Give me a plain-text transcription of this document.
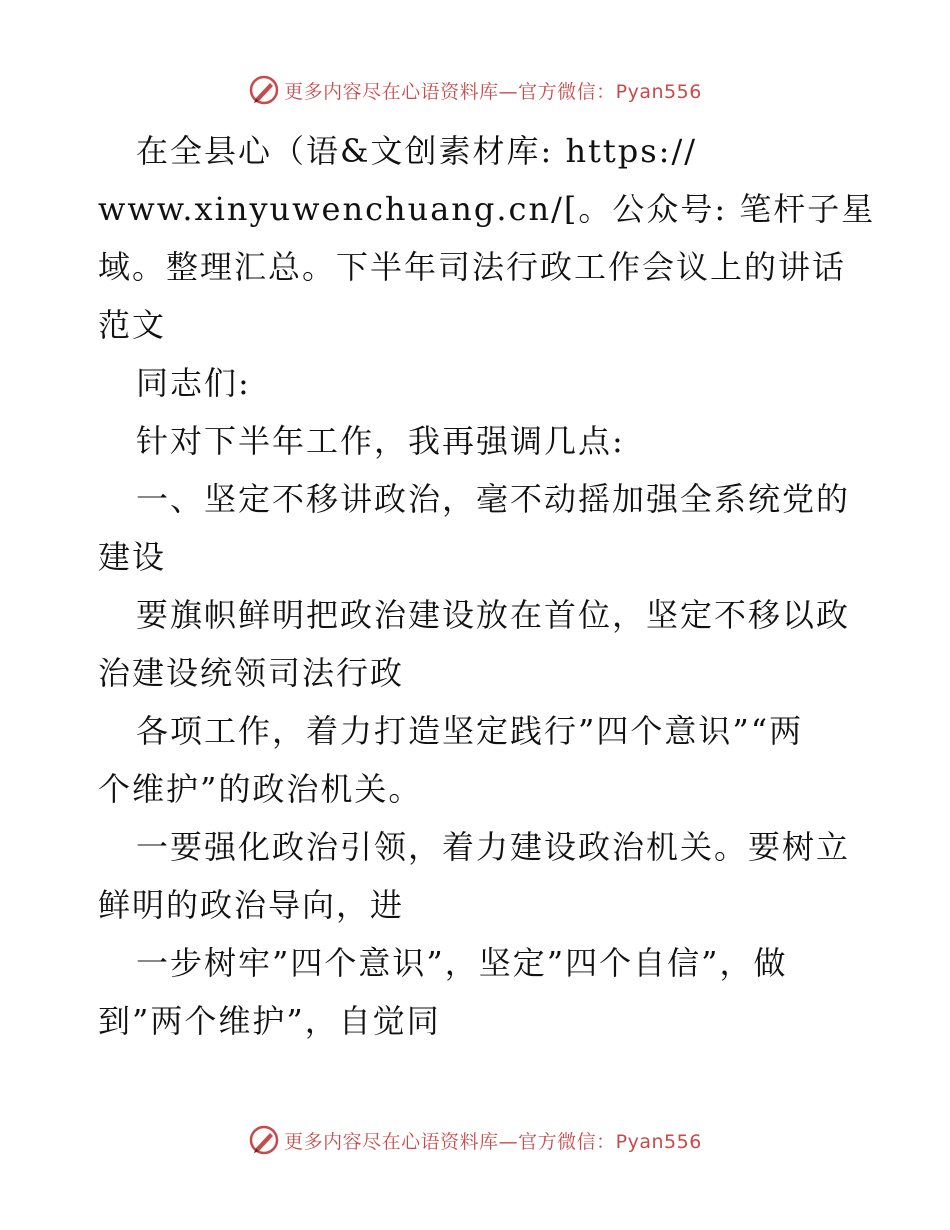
更多内容尽在心语资料库—官方微信：Pyan556
在全县心（语&文创素材库: https://
www.xinyuwenchuang.cn/[。公众号: 笔杆子星
域。整理汇总。下半年司法行政工作会议上的讲话
范文
同志们:
针对下半年工作，我再强调几点:
一、坚定不移讲政治，毫不动摇加强全系统党的
建设
要旗帜鲜明把政治建设放在首位，坚定不移以政
治建设统领司法行政
各项工作，着力打造坚定践行”四个意识”“两
个维护”的政治机关。
一要强化政治引领，着力建设政治机关。要树立
鲜明的政治导向，进
一步树牢”四个意识”，坚定”四个自信”，做
到”两个维护”，自觉同
更多内容尽在心语资料库—官方微信：Pyan556
